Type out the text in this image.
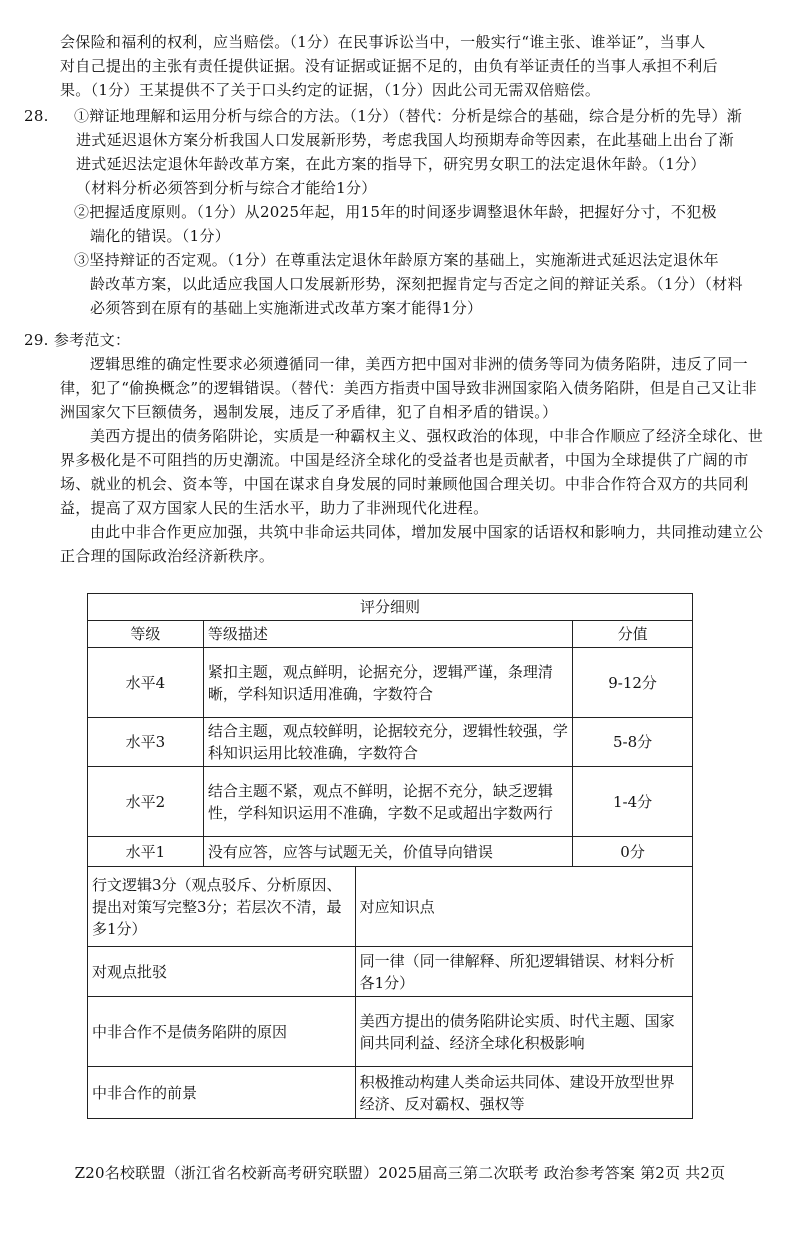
会保险和福利的权利，应当赔偿。（1分）在民事诉讼当中，一般实行“谁主张、谁举证”，当事人
对自己提出的主张有责任提供证据。没有证据或证据不足的，由负有举证责任的当事人承担不利后
果。（1分）王某提供不了关于口头约定的证据，（1分）因此公司无需双倍赔偿。
28. ①辩证地理解和运用分析与综合的方法。（1分）（替代：分析是综合的基础，综合是分析的先导）渐
进式延迟退休方案分析我国人口发展新形势，考虑我国人均预期寿命等因素，在此基础上出台了渐
进式延迟法定退休年龄改革方案，在此方案的指导下，研究男女职工的法定退休年龄。（1分）
（材料分析必须答到分析与综合才能给1分）
②把握适度原则。（1分）从2025年起，用15年的时间逐步调整退休年龄，把握好分寸，不犯极
端化的错误。（1分）
③坚持辩证的否定观。（1分）在尊重法定退休年龄原方案的基础上，实施渐进式延迟法定退休年
龄改革方案，以此适应我国人口发展新形势，深刻把握肯定与否定之间的辩证关系。（1分）（材料
必须答到在原有的基础上实施渐进式改革方案才能得1分）
29. 参考范文：

逻辑思维的确定性要求必须遵循同一律，美西方把中国对非洲的债务等同为债务陷阱，违反了同一律，犯了“偷换概念”的逻辑错误。（替代：美西方指责中国导致非洲国家陷入债务陷阱，但是自己又让非洲国家欠下巨额债务，遏制发展，违反了矛盾律，犯了自相矛盾的错误。）

美西方提出的债务陷阱论，实质是一种霸权主义、强权政治的体现，中非合作顺应了经济全球化、世界多极化是不可阻挡的历史潮流。中国是经济全球化的受益者也是贡献者，中国为全球提供了广阔的市场、就业的机会、资本等，中国在谋求自身发展的同时兼顾他国合理关切。中非合作符合双方的共同利益，提高了双方国家人民的生活水平，助力了非洲现代化进程。

由此中非合作更应加强，共筑中非命运共同体，增加发展中国家的话语权和影响力，共同推动建立公正合理的国际政治经济新秩序。

评分细则			
等级	等级描述		分值
水平4	紧扣主题，观点鲜明，论据充分，逻辑严谨，条理清晰，学科知识适用准确，字数符合		9-12分
水平3	结合主题，观点较鲜明，论据较充分，逻辑性较强，学科知识运用比较准确，字数符合		5-8分
水平2	结合主题不紧，观点不鲜明，论据不充分，缺乏逻辑性，学科知识运用不准确，字数不足或超出字数两行		1-4分
水平1	没有应答，应答与试题无关，价值导向错误		0分
行文逻辑3分（观点驳斥、分析原因、提出对策写完整3分；若层次不清，最多1分）		对应知识点	
对观点批驳		同一律（同一律解释、所犯逻辑错误、材料分析各1分）	
中非合作不是债务陷阱的原因		美西方提出的债务陷阱论实质、时代主题、国家间共同利益、经济全球化积极影响	
中非合作的前景		积极推动构建人类命运共同体、建设开放型世界经济、反对霸权、强权等	
Z20名校联盟（浙江省名校新高考研究联盟）2025届高三第二次联考 政治参考答案 第2页 共2页
